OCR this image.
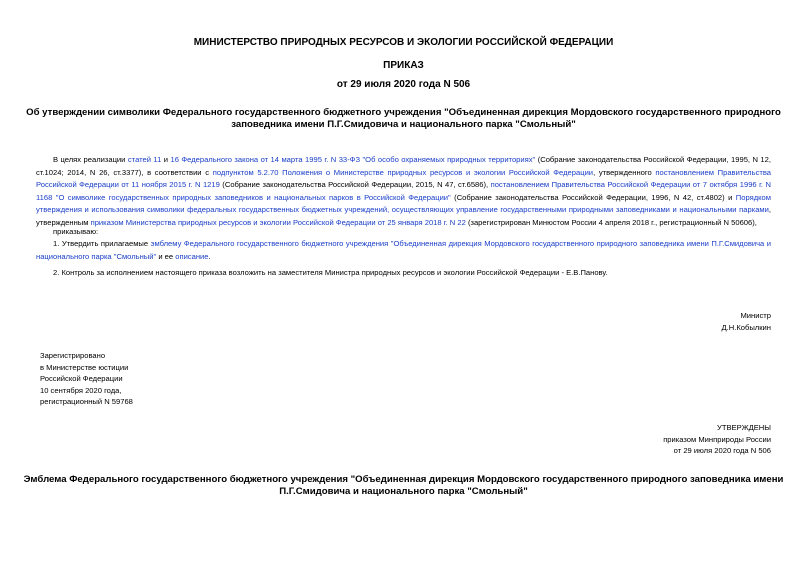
МИНИСТЕРСТВО ПРИРОДНЫХ РЕСУРСОВ И ЭКОЛОГИИ РОССИЙСКОЙ ФЕДЕРАЦИИ
ПРИКАЗ
от 29 июля 2020 года N 506
Об утверждении символики Федерального государственного бюджетного учреждения "Объединенная дирекция Мордовского государственного природного
заповедника имени П.Г.Смидовича и национального парка "Смольный"
В целях реализации статей 11 и 16 Федерального закона от 14 марта 1995 г. N 33-ФЗ "Об особо охраняемых природных территориях" (Собрание законодательства Российской Федерации, 1995, N 12, ст.1024; 2014, N 26, ст.3377), в соответствии с подпунктом 5.2.70 Положения о Министерстве природных ресурсов и экологии Российской Федерации, утвержденного постановлением Правительства Российской Федерации от 11 ноября 2015 г. N 1219 (Собрание законодательства Российской Федерации, 2015, N 47, ст.6586), постановлением Правительства Российской Федерации от 7 октября 1996 г. N 1168 "О символике государственных природных заповедников и национальных парков в Российской Федерации" (Собрание законодательства Российской Федерации, 1996, N 42, ст.4802) и Порядком утверждения и использования символики федеральных государственных бюджетных учреждений, осуществляющих управление государственными природными заповедниками и национальными парками, утвержденным приказом Министерства природных ресурсов и экологии Российской Федерации от 25 января 2018 г. N 22 (зарегистрирован Минюстом России 4 апреля 2018 г., регистрационный N 50606),
приказываю:
1. Утвердить прилагаемые эмблему Федерального государственного бюджетного учреждения "Объединенная дирекция Мордовского государственного природного заповедника имени П.Г.Смидовича и национального парка "Смольный" и ее описание.
2. Контроль за исполнением настоящего приказа возложить на заместителя Министра природных ресурсов и экологии Российской Федерации - Е.В.Панову.
Министр
Д.Н.Кобылкин
Зарегистрировано
в Министерстве юстиции
Российской Федерации
10 сентября 2020 года,
регистрационный N 59768
УТВЕРЖДЕНЫ
приказом Минприроды России
от 29 июля 2020 года N 506
Эмблема Федерального государственного бюджетного учреждения "Объединенная дирекция Мордовского государственного природного заповедника имени
П.Г.Смидовича и национального парка "Смольный"
